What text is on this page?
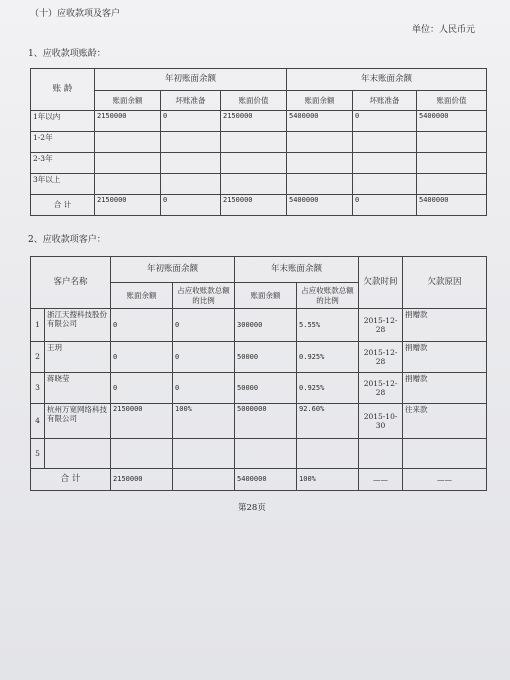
（十）应收款项及客户
单位：人民币元
1、应收款项账龄：
账 龄	年初账面余额			年末账面余额		
	账面余额	坏账准备	账面价值	账面余额	坏账准备	账面价值
1年以内	2150000	0	2150000	5400000	0	5400000
1-2年						
2-3年						
3年以上						
合 计	2150000	0	2150000	5400000	0	5400000
2、应收款项客户：
客户名称		年初账面余额		年末账面余额		欠款时间	欠款原因
		账面余额	占应收账款总额的比例	账面余额	占应收账款总额的比例		
1	浙江天搜科技股份有限公司	0	0	300000	5.55%	2015-12-28	捐赠款
2	王玥	0	0	50000	0.925%	2015-12-28	捐赠款
3	蒋晓莹	0	0	50000	0.925%	2015-12-28	捐赠款
4	杭州万宽网络科技有限公司	2150000	100%	5000000	92.60%	2015-10-30	往来款
5							
合 计		2150000		5400000	100%	——	——
第28页
